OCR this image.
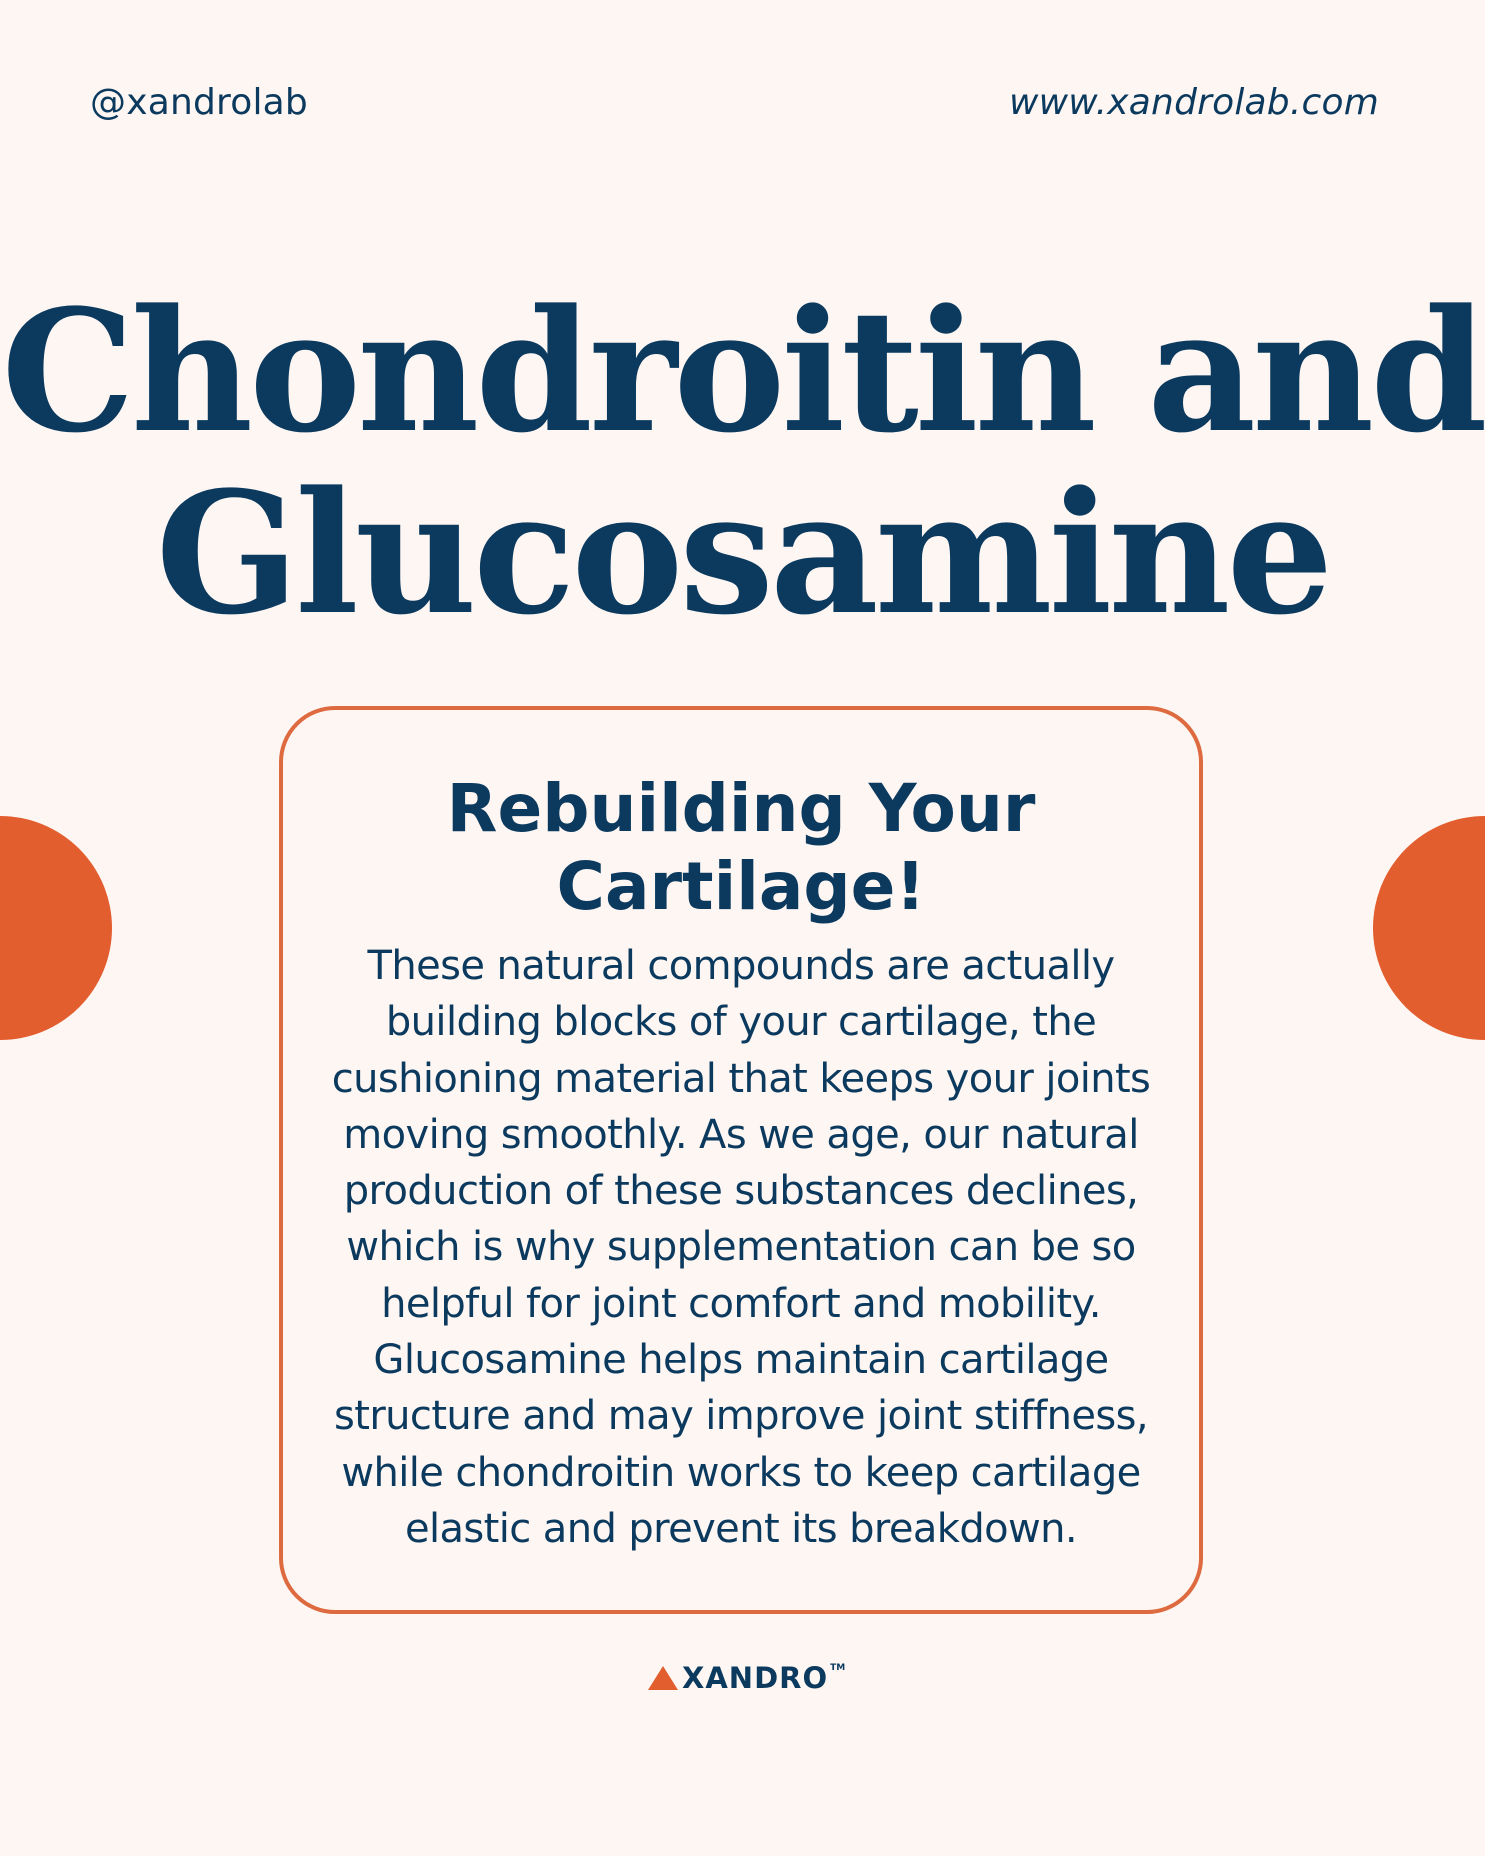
@xandrolab	www.xandrolab.com
Chondroitin and
Glucosamine
Rebuilding Your
Cartilage!
These natural compounds are actually
building blocks of your cartilage, the
cushioning material that keeps your joints
moving smoothly. As we age, our natural
production of these substances declines,
which is why supplementation can be so
helpful for joint comfort and mobility.
Glucosamine helps maintain cartilage
structure and may improve joint stiffness,
while chondroitin works to keep cartilage
elastic and prevent its breakdown.
XANDRO TM
